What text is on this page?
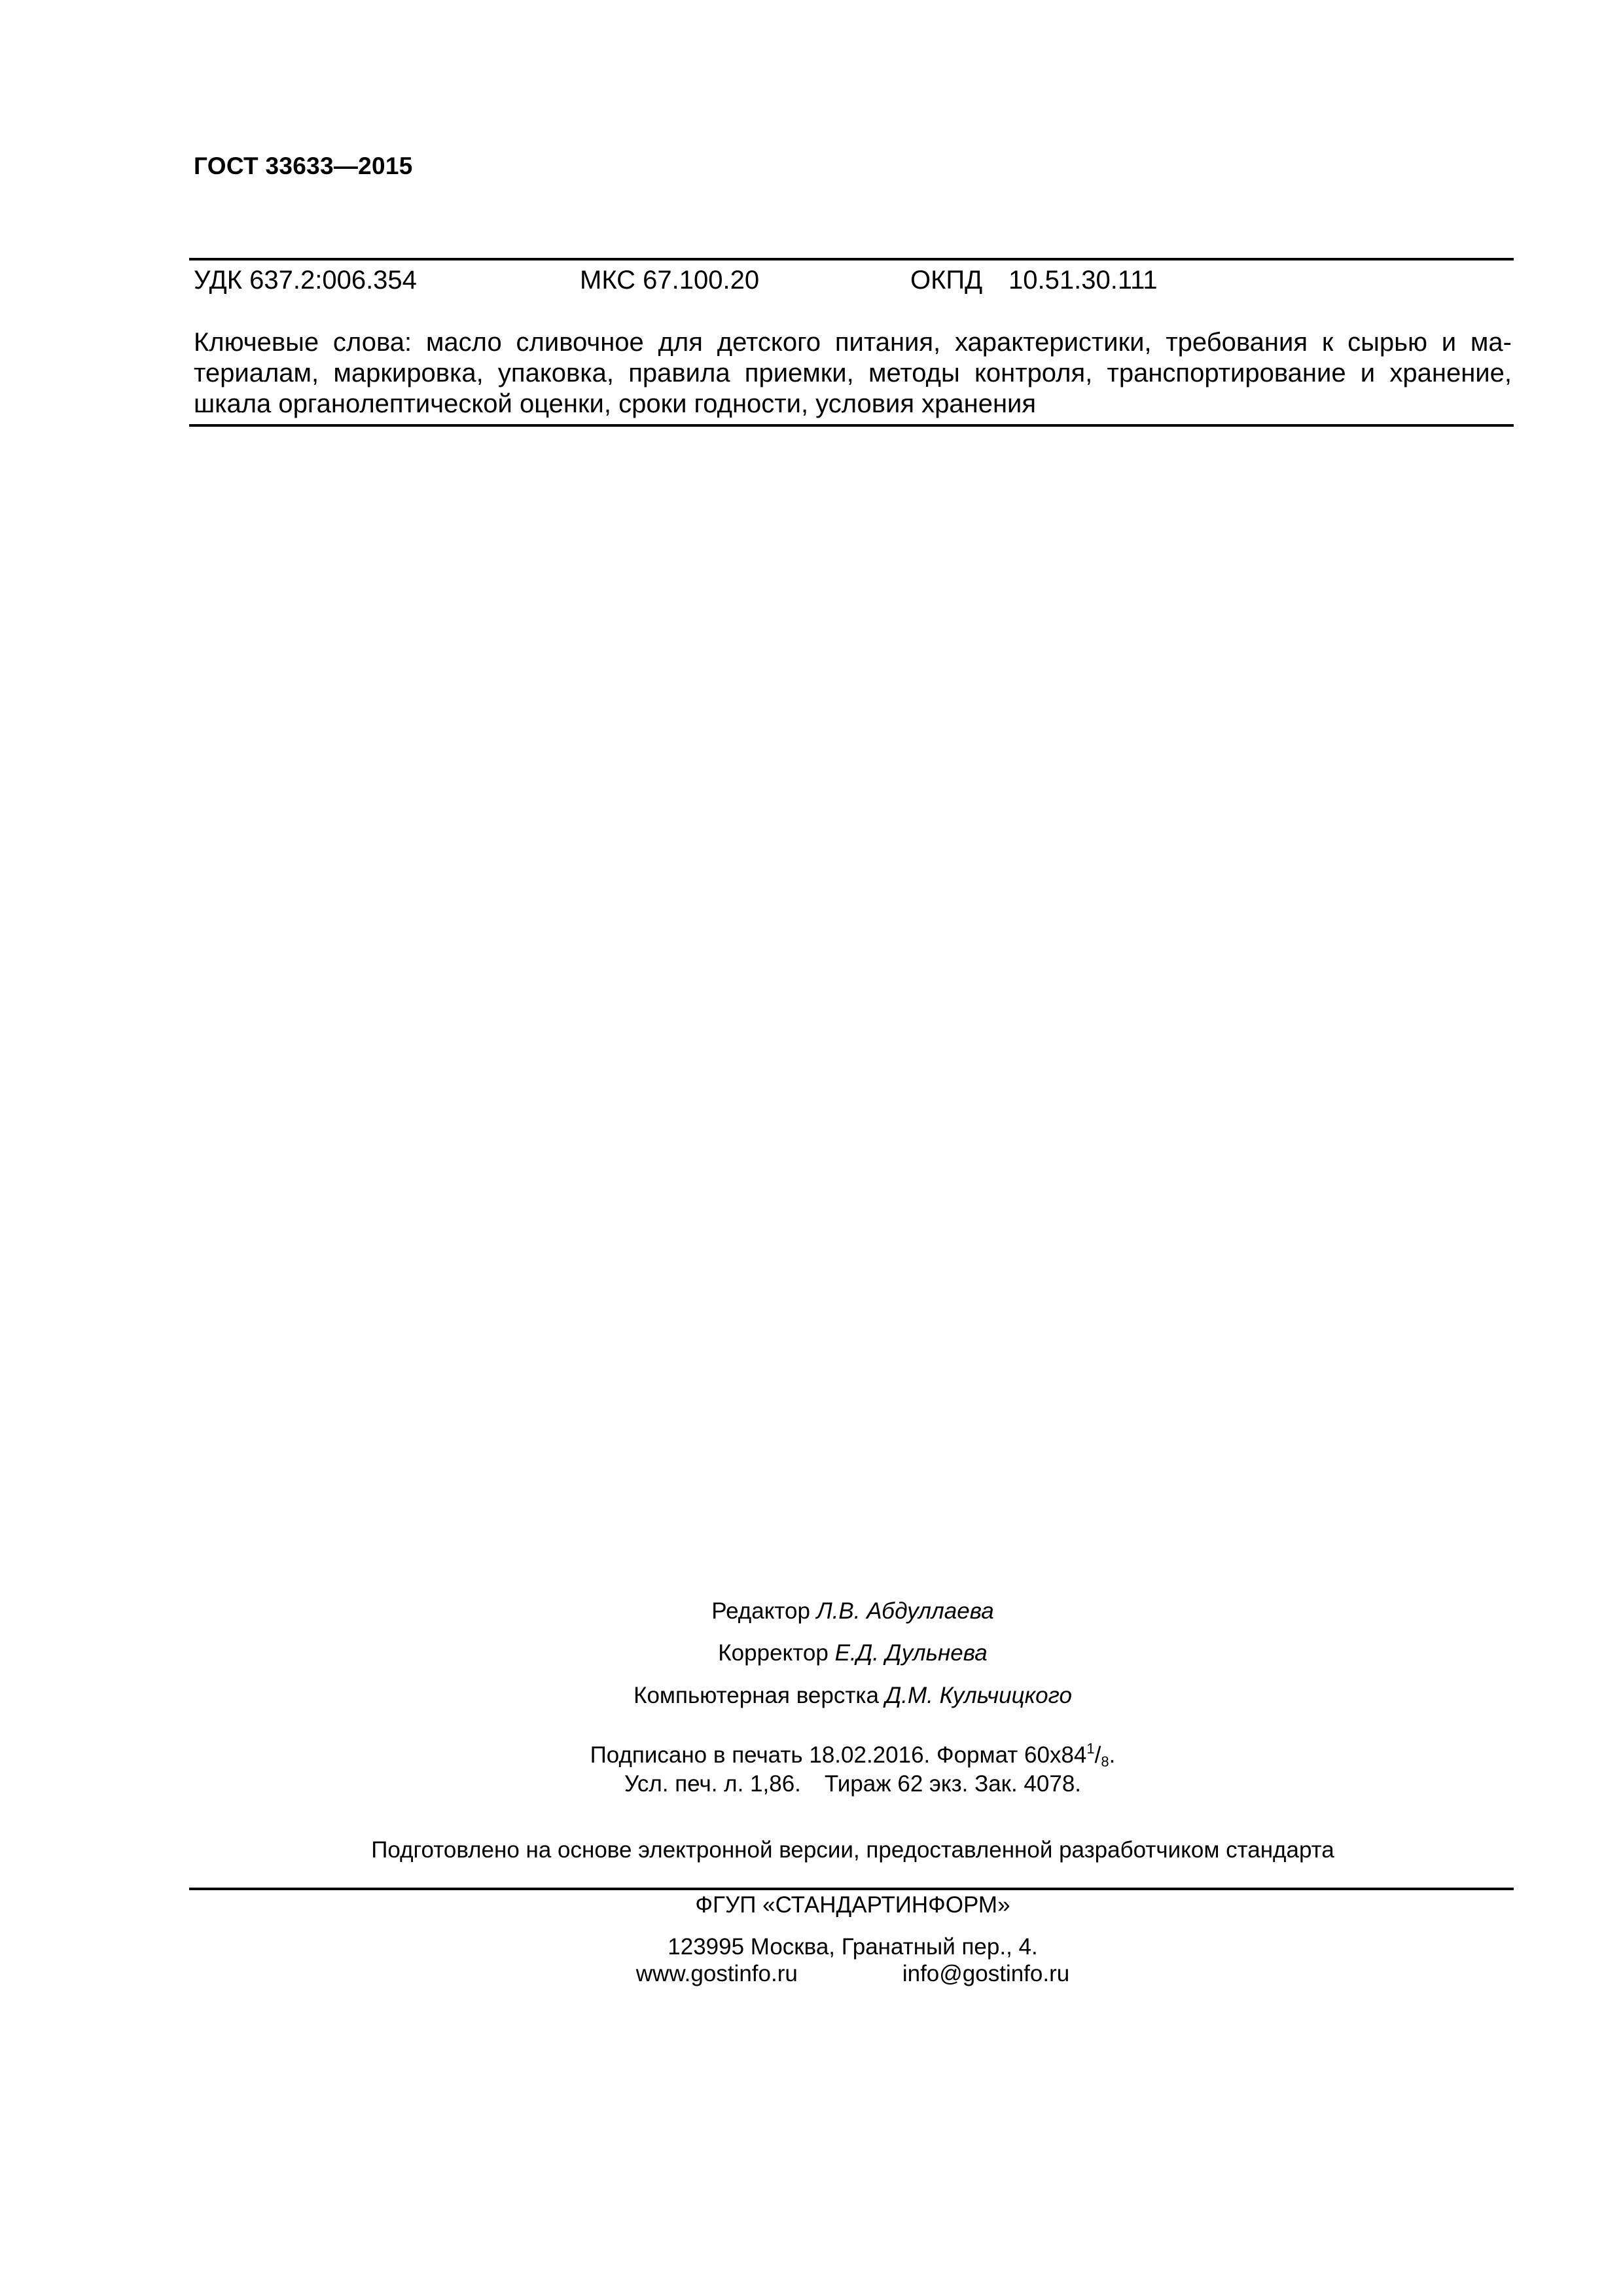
ГОСТ 33633—2015
УДК 637.2:006.354	МКС 67.100.20	ОКПД 10.51.30.111
Ключевые слова: масло сливочное для детского питания, характеристики, требования к сырью и ма-
териалам, маркировка, упаковка, правила приемки, методы контроля, транспортирование и хранение,
шкала органолептической оценки, сроки годности, условия хранения
Редактор Л.В. Абдуллаева
Корректор Е.Д. Дульнева
Компьютерная верстка Д.М. Кульчицкого
Подписано в печать 18.02.2016. Формат $60х84^1/_8$.
Усл. печ. л. 1,86. Тираж 62 экз. Зак. 4078.
Подготовлено на основе электронной версии, предоставленной разработчиком стандарта
ФГУП «СТАНДАРТИНФОРМ»
123995 Москва, Гранатный пер., 4.
www.gostinfo.ru	info@gostinfo.ru
